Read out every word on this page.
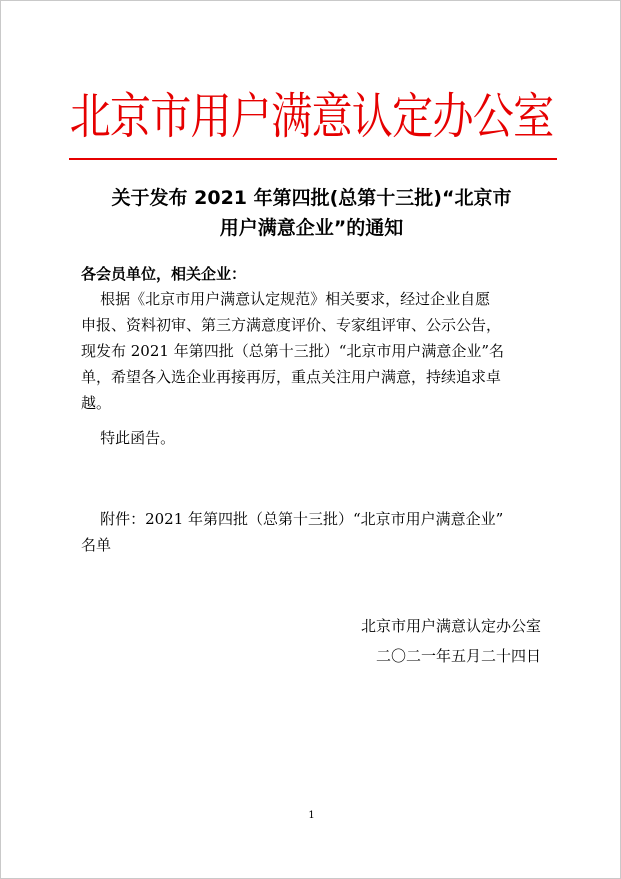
北京市用户满意认定办公室
关于发布 2021 年第四批(总第十三批)“北京市
用户满意企业”的通知
各会员单位，相关企业：
根据《北京市用户满意认定规范》相关要求，经过企业自愿
申报、资料初审、第三方满意度评价、专家组评审、公示公告，
现发布 2021 年第四批（总第十三批）“北京市用户满意企业”名
单，希望各入选企业再接再厉，重点关注用户满意，持续追求卓
越。
特此函告。
附件：2021 年第四批（总第十三批）“北京市用户满意企业”
名单
北京市用户满意认定办公室
二〇二一年五月二十四日
1
